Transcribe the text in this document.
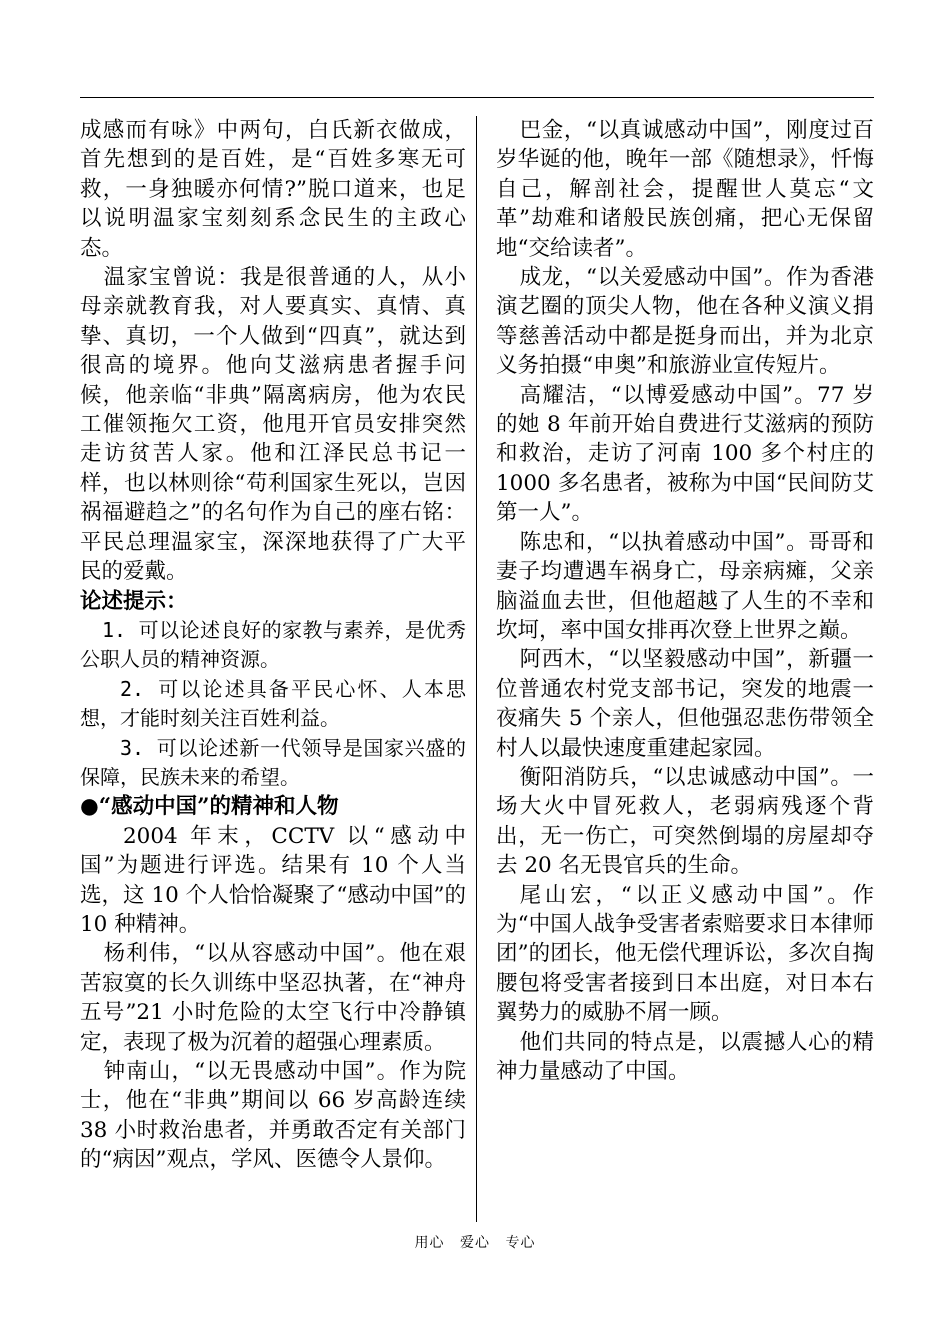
成感而有咏》中两句，白氏新衣做成，首先想到的是百姓，是“百姓多寒无可救，一身独暖亦何情?”脱口道来，也足以说明温家宝刻刻系念民生的主政心态。

温家宝曾说：我是很普通的人，从小母亲就教育我，对人要真实、真情、真挚、真切，一个人做到“四真”，就达到很高的境界。他向艾滋病患者握手问候，他亲临“非典”隔离病房，他为农民工催领拖欠工资，他甩开官员安排突然走访贫苦人家。他和江泽民总书记一样，也以林则徐“苟利国家生死以，岂因祸福避趋之”的名句作为自己的座右铭：平民总理温家宝，深深地获得了广大平民的爱戴。

论述提示：

1. 可以论述良好的家教与素养，是优秀公职人员的精神资源。

2. 可以论述具备平民心怀、人本思想，才能时刻关注百姓利益。

3. 可以论述新一代领导是国家兴盛的保障，民族未来的希望。

●“感动中国”的精神和人物

2004 年末，CCTV 以“感动中国”为题进行评选。结果有 10 个人当选，这 10 个人恰恰凝聚了“感动中国”的 10 种精神。

杨利伟，“以从容感动中国”。他在艰苦寂寞的长久训练中坚忍执著，在“神舟五号”21 小时危险的太空飞行中冷静镇定，表现了极为沉着的超强心理素质。

钟南山，“以无畏感动中国”。作为院士，他在“非典”期间以 66 岁高龄连续 38 小时救治患者，并勇敢否定有关部门的“病因”观点，学风、医德令人景仰。

巴金，“以真诚感动中国”，刚度过百岁华诞的他，晚年一部《随想录》，忏悔自己，解剖社会，提醒世人莫忘“文革”劫难和诸般民族创痛，把心无保留地“交给读者”。

成龙，“以关爱感动中国”。作为香港演艺圈的顶尖人物，他在各种义演义捐等慈善活动中都是挺身而出，并为北京义务拍摄“申奥”和旅游业宣传短片。

高耀洁，“以博爱感动中国”。77 岁的她 8 年前开始自费进行艾滋病的预防和救治，走访了河南 100 多个村庄的 1000 多名患者，被称为中国“民间防艾第一人”。

陈忠和，“以执着感动中国”。哥哥和妻子均遭遇车祸身亡，母亲病瘫，父亲脑溢血去世，但他超越了人生的不幸和坎坷，率中国女排再次登上世界之巅。

阿西木，“以坚毅感动中国”，新疆一位普通农村党支部书记，突发的地震一夜痛失 5 个亲人，但他强忍悲伤带领全村人以最快速度重建起家园。

衡阳消防兵，“以忠诚感动中国”。一场大火中冒死救人，老弱病残逐个背出，无一伤亡，可突然倒塌的房屋却夺去 20 名无畏官兵的生命。

尾山宏，“以正义感动中国”。作为“中国人战争受害者索赔要求日本律师团”的团长，他无偿代理诉讼，多次自掏腰包将受害者接到日本出庭，对日本右翼势力的威胁不屑一顾。

他们共同的特点是，以震撼人心的精神力量感动了中国。

用心 爱心 专心
